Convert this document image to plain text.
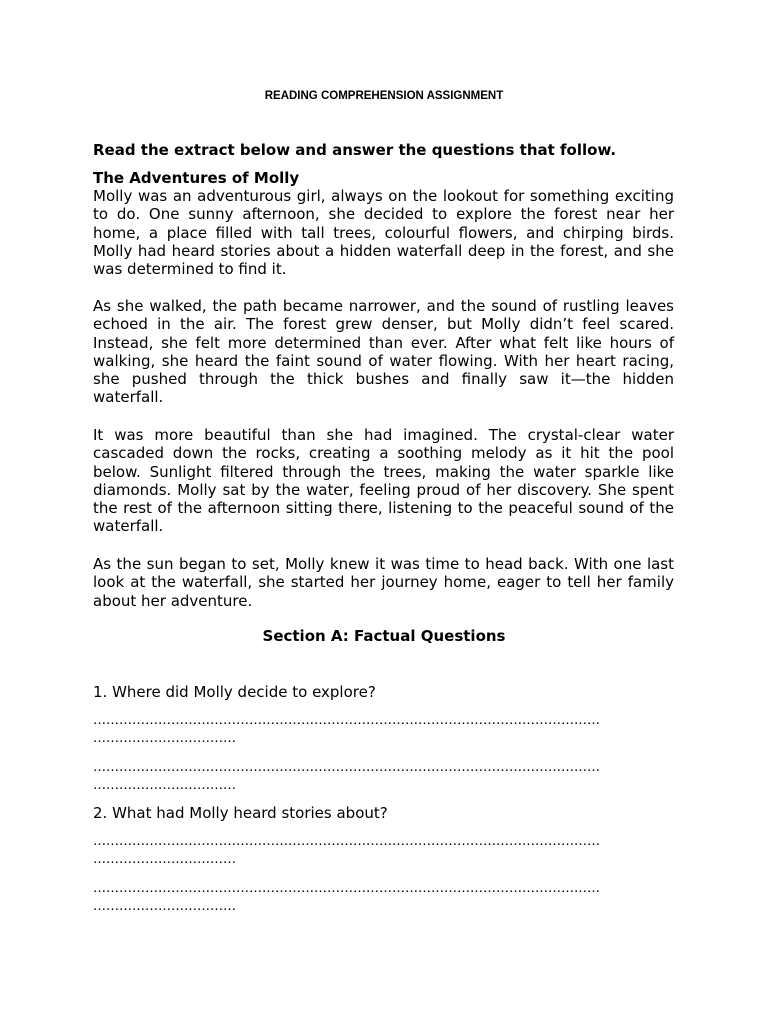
READING COMPREHENSION ASSIGNMENT
Read the extract below and answer the questions that follow.
The Adventures of Molly

Molly was an adventurous girl, always on the lookout for something exciting to do. One sunny afternoon, she decided to explore the forest near her home, a place filled with tall trees, colourful flowers, and chirping birds. Molly had heard stories about a hidden waterfall deep in the forest, and she was determined to find it.

As she walked, the path became narrower, and the sound of rustling leaves echoed in the air. The forest grew denser, but Molly didn’t feel scared. Instead, she felt more determined than ever. After what felt like hours of walking, she heard the faint sound of water flowing. With her heart racing, she pushed through the thick bushes and finally saw it—the hidden waterfall.

It was more beautiful than she had imagined. The crystal-clear water cascaded down the rocks, creating a soothing melody as it hit the pool below. Sunlight filtered through the trees, making the water sparkle like diamonds. Molly sat by the water, feeling proud of her discovery. She spent the rest of the afternoon sitting there, listening to the peaceful sound of the waterfall.

As the sun began to set, Molly knew it was time to head back. With one last look at the waterfall, she started her journey home, eager to tell her family about her adventure.

Section A: Factual Questions
1. Where did Molly decide to explore?
………………………………………………………………………………………………………
……………………………
………………………………………………………………………………………………………
……………………………
2. What had Molly heard stories about?
………………………………………………………………………………………………………
……………………………
………………………………………………………………………………………………………
……………………………
